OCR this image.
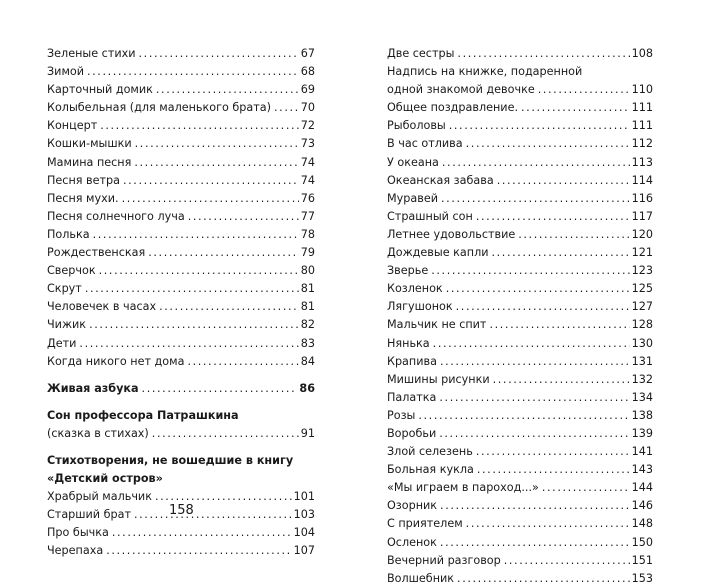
Зеленые стихи .....	67
Зимой .....	68
Карточный домик .....	69
Колыбельная (для маленького брата) .....	70
Концерт .....	72
Кошки-мышки .....	73
Мамина песня .....	74
Песня ветра .....	74
Песня мухи. .....	76
Песня солнечного луча .....	77
Полька .....	78
Рождественская .....	79
Сверчок .....	80
Скрут .....	81
Человечек в часах .....	81
Чижик .....	82
Дети .....	83
Когда никого нет дома .....	84
Живая азбука .....	86
Сон профессора Патрашкина
(сказка в стихах) .....	91
Стихотворения, не вошедшие в книгу
«Детский остров»
Храбрый мальчик .....	101
Старший брат .....	103
Про бычка .....	104
Черепаха .....	107
Две сестры .....	108
Надпись на книжке, подаренной
одной знакомой девочке .....	110
Общее поздравление. .....	111
Рыболовы .....	111
В час отлива .....	112
У океана .....	113
Океанская забава .....	114
Муравей .....	116
Страшный сон .....	117
Летнее удовольствие .....	120
Дождевые капли .....	121
Зверье .....	123
Козленок .....	125
Лягушонок .....	127
Мальчик не спит .....	128
Нянька .....	130
Крапива .....	131
Мишины рисунки .....	132
Палатка .....	134
Розы .....	138
Воробьи .....	139
Злой селезень .....	141
Больная кукла .....	143
«Мы играем в пароход...» .....	144
Озорник .....	146
С приятелем .....	148
Осленок .....	150
Вечерний разговор .....	151
Волшебник .....	153
158
